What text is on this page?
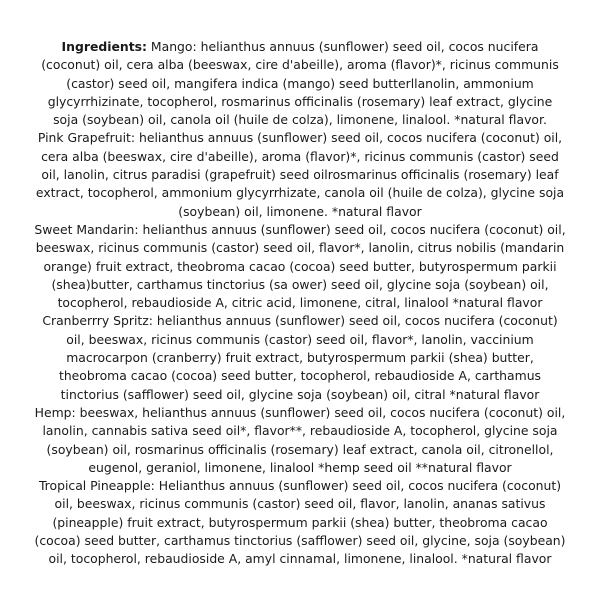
Ingredients: Mango: helianthus annuus (sunflower) seed oil, cocos nucifera (coconut) oil, cera alba (beeswax, cire d'abeille), aroma (flavor)*, ricinus communis (castor) seed oil, mangifera indica (mango) seed butterllanolin, ammonium glycyrrhizinate, tocopherol, rosmarinus officinalis (rosemary) leaf extract, glycine soja (soybean) oil, canola oil (huile de colza), limonene, linalool. *natural flavor.

Pink Grapefruit: helianthus annuus (sunflower) seed oil, cocos nucifera (coconut) oil, cera alba (beeswax, cire d'abeille), aroma (flavor)*, ricinus communis (castor) seed oil, lanolin, citrus paradisi (grapefruit) seed oilrosmarinus officinalis (rosemary) leaf extract, tocopherol, ammonium glycyrrhizate, canola oil (huile de colza), glycine soja (soybean) oil, limonene. *natural flavor

Sweet Mandarin: helianthus annuus (sunflower) seed oil, cocos nucifera (coconut) oil, beeswax, ricinus communis (castor) seed oil, flavor*, lanolin, citrus nobilis (mandarin orange) fruit extract, theobroma cacao (cocoa) seed butter, butyrospermum parkii (shea)butter, carthamus tinctorius (sa ower) seed oil, glycine soja (soybean) oil, tocopherol, rebaudioside A, citric acid, limonene, citral, linalool *natural flavor

Cranberrry Spritz: helianthus annuus (sunflower) seed oil, cocos nucifera (coconut) oil, beeswax, ricinus communis (castor) seed oil, flavor*, lanolin, vaccinium macrocarpon (cranberry) fruit extract, butyrospermum parkii (shea) butter, theobroma cacao (cocoa) seed butter, tocopherol, rebaudioside A, carthamus tinctorius (safflower) seed oil, glycine soja (soybean) oil, citral *natural flavor

Hemp: beeswax, helianthus annuus (sunflower) seed oil, cocos nucifera (coconut) oil, lanolin, cannabis sativa seed oil*, flavor**, rebaudioside A, tocopherol, glycine soja (soybean) oil, rosmarinus officinalis (rosemary) leaf extract, canola oil, citronellol, eugenol, geraniol, limonene, linalool *hemp seed oil **natural flavor

Tropical Pineapple: Helianthus annuus (sunflower) seed oil, cocos nucifera (coconut) oil, beeswax, ricinus communis (castor) seed oil, flavor, lanolin, ananas sativus (pineapple) fruit extract, butyrospermum parkii (shea) butter, theobroma cacao (cocoa) seed butter, carthamus tinctorius (safflower) seed oil, glycine, soja (soybean) oil, tocopherol, rebaudioside A, amyl cinnamal, limonene, linalool. *natural flavor
